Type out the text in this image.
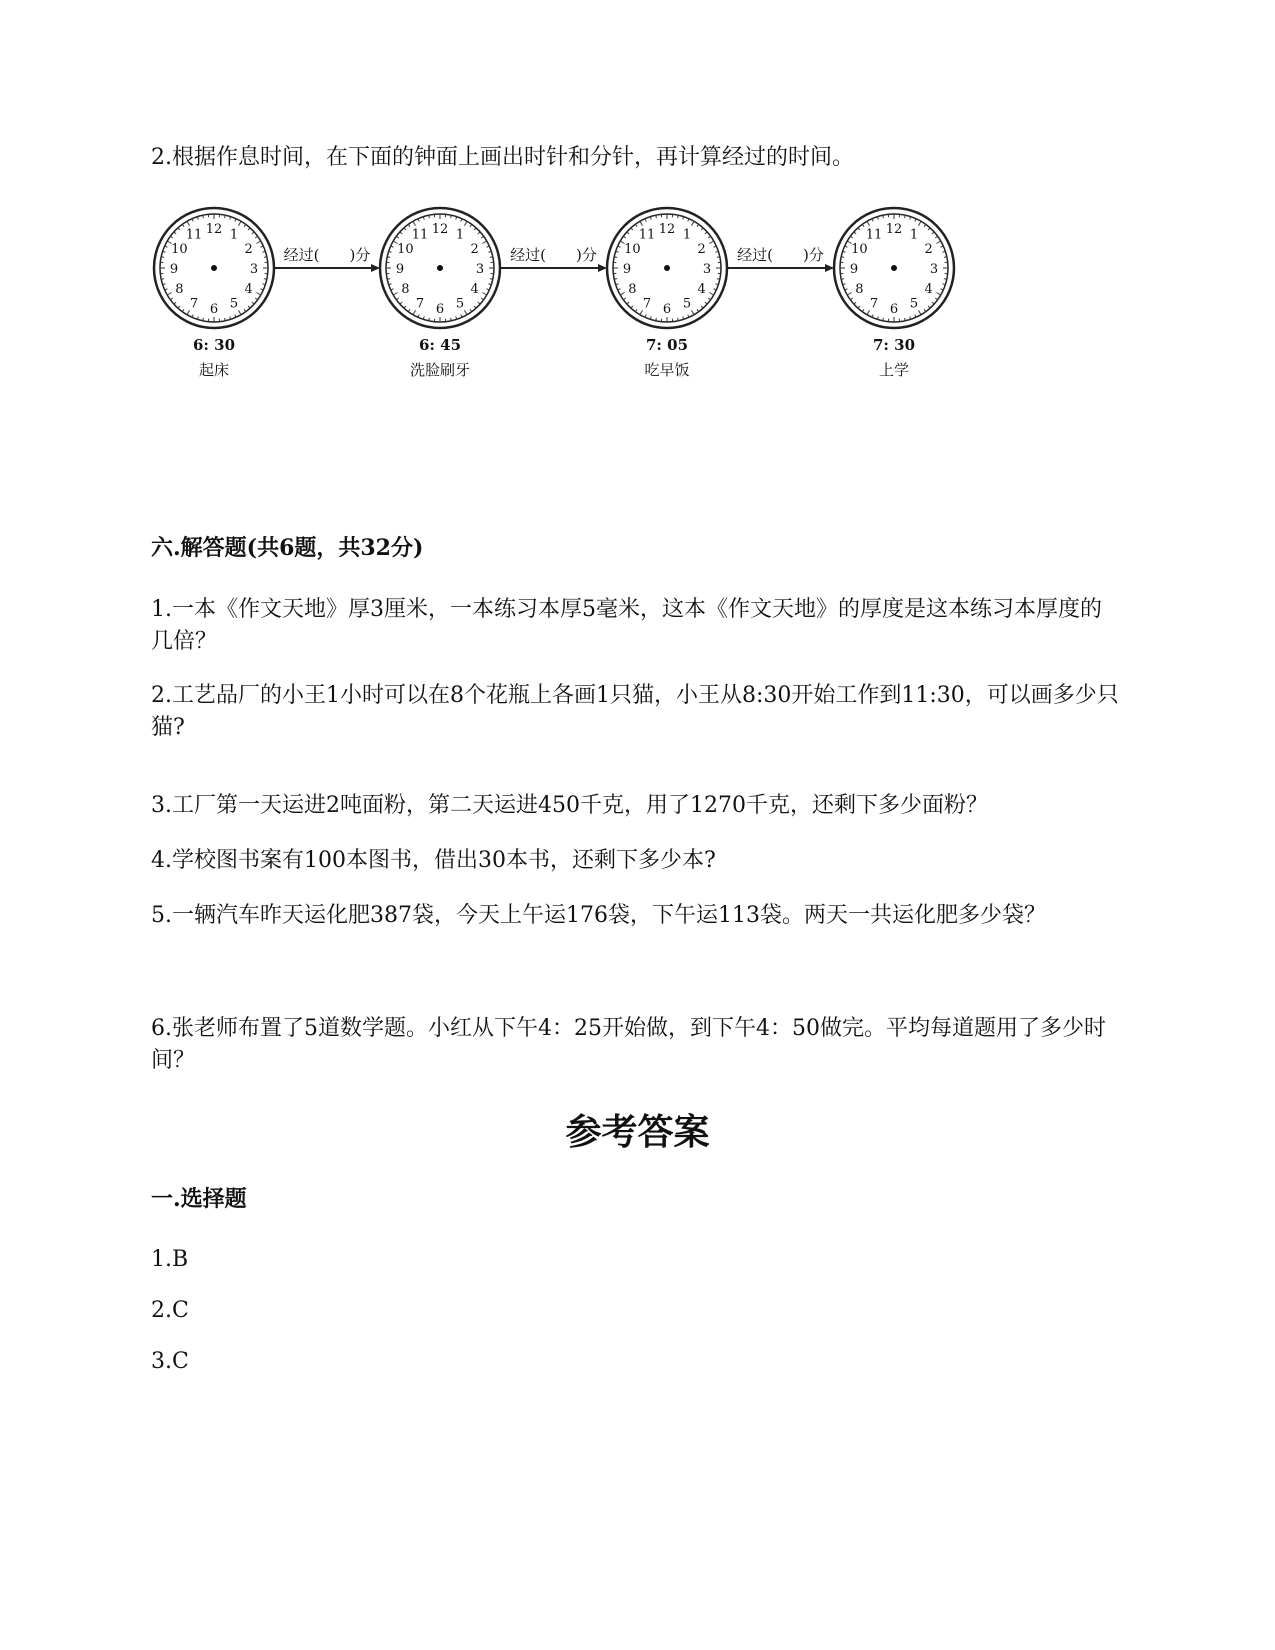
2.根据作息时间，在下面的钟面上画出时针和分针，再计算经过的时间。
12 1
2
3
4
5
6
7
8
9
10
11
6: 30
起床
12 1
2
3
4
5
6
7
8
9
10
11
6: 45
洗脸刷牙
12 1
2
3
4
5
6
7
8
9
10
11
7: 05
吃早饭
12 1
2
3
4
5
6
7
8
9
10
11
7: 30
上学
经过(　　)分	经过(　　)分	经过(　　)分
六.解答题(共6题，共32分)
1.一本《作文天地》厚3厘米，一本练习本厚5毫米，这本《作文天地》的厚度是这本练习本厚度的几倍？
2.工艺品厂的小王1小时可以在8个花瓶上各画1只猫，小王从8:30开始工作到11:30，可以画多少只猫?
3.工厂第一天运进2吨面粉，第二天运进450千克，用了1270千克，还剩下多少面粉？
4.学校图书案有100本图书，借出30本书，还剩下多少本?
5.一辆汽车昨天运化肥387袋，今天上午运176袋，下午运113袋。两天一共运化肥多少袋？
6.张老师布置了5道数学题。小红从下午4：25开始做，到下午4：50做完。平均每道题用了多少时间？
参考答案
一.选择题
1.B
2.C
3.C
